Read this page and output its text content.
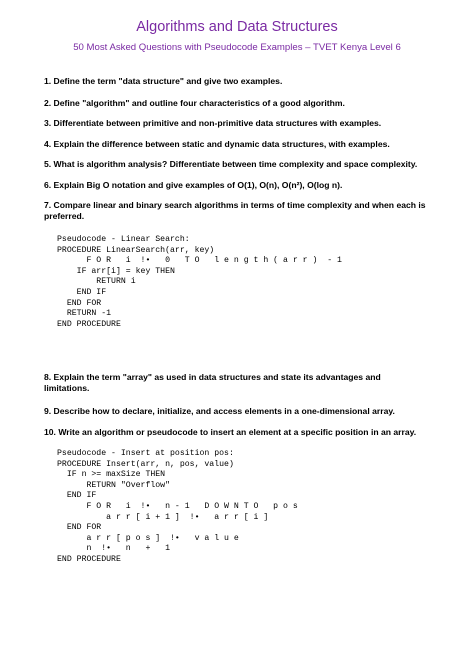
Algorithms and Data Structures
50 Most Asked Questions with Pseudocode Examples – TVET Kenya Level 6
1. Define the term "data structure" and give two examples.
2. Define "algorithm" and outline four characteristics of a good algorithm.
3. Differentiate between primitive and non-primitive data structures with examples.
4. Explain the difference between static and dynamic data structures, with examples.
5. What is algorithm analysis? Differentiate between time complexity and space complexity.
6. Explain Big O notation and give examples of O(1), O(n), O(n²), O(log n).
7. Compare linear and binary search algorithms in terms of time complexity and when each is preferred.
Pseudocode - Linear Search:
PROCEDURE LinearSearch(arr, key)
F O R   i  !•   0   T O   l e n g t h ( a r r )  - 1
IF arr[i] = key THEN
RETURN i
END IF
END FOR
RETURN -1
END PROCEDURE
8. Explain the term "array" as used in data structures and state its advantages and limitations.
9. Describe how to declare, initialize, and access elements in a one-dimensional array.
10. Write an algorithm or pseudocode to insert an element at a specific position in an array.
Pseudocode - Insert at position pos:
PROCEDURE Insert(arr, n, pos, value)
IF n >= maxSize THEN
RETURN "Overflow"
END IF
F O R   i  !•   n - 1   D O W N T O   p o s
a r r [ i + 1 ]  !•   a r r [ i ]
END FOR
a r r [ p o s ]  !•   v a l u e
n  !•   n   +   1
END PROCEDURE
